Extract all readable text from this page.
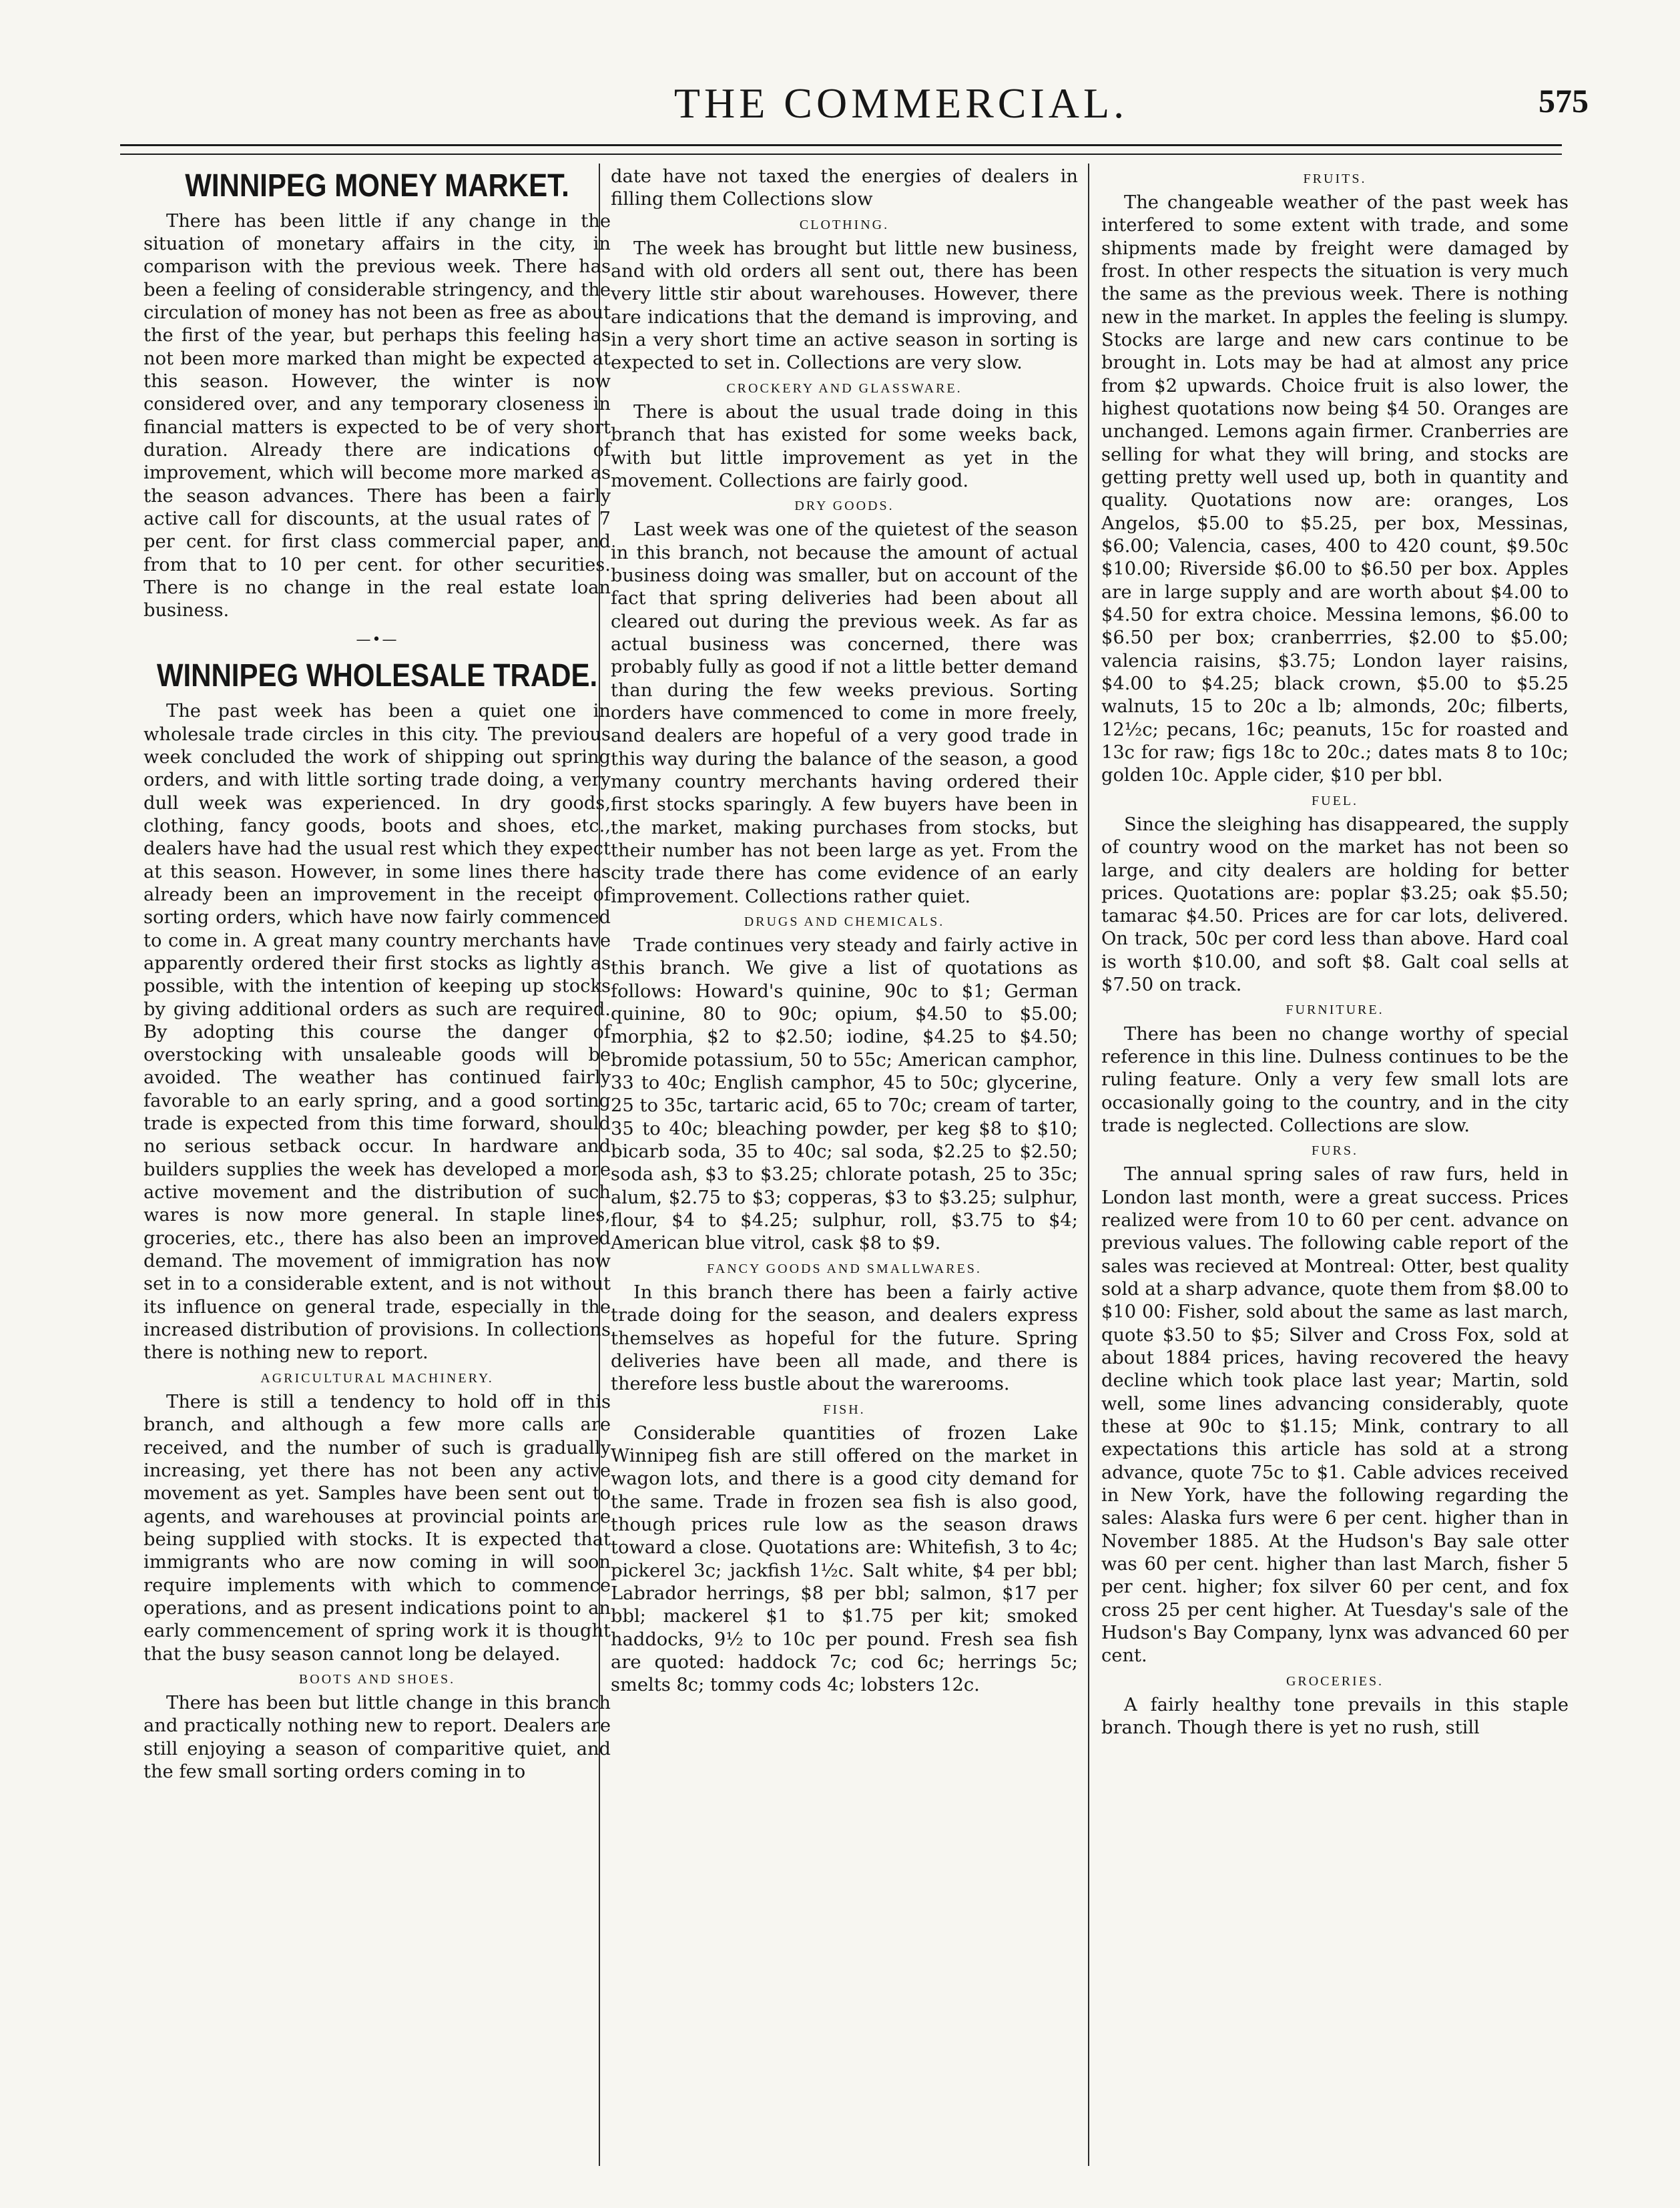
THE COMMERCIAL.	575
WINNIPEG MONEY MARKET.

There has been little if any change in the situation of monetary affairs in the city, in comparison with the previous week. There has been a feeling of considerable stringency, and the circulation of money has not been as free as about the first of the year, but perhaps this feeling has not been more marked than might be expected at this season. However, the winter is now considered over, and any temporary closeness in financial matters is expected to be of very short duration. Already there are indications of improvement, which will become more marked as the season advances. There has been a fairly active call for discounts, at the usual rates of 7 per cent. for first class commercial paper, and from that to 10 per cent. for other securities. There is no change in the real estate loan business.

—•—
WINNIPEG WHOLESALE TRADE.

The past week has been a quiet one in wholesale trade circles in this city. The previous week concluded the work of shipping out spring orders, and with little sorting trade doing, a very dull week was experienced. In dry goods, clothing, fancy goods, boots and shoes, etc., dealers have had the usual rest which they expect at this season. However, in some lines there has already been an improvement in the receipt of sorting orders, which have now fairly commenced to come in. A great many country merchants have apparently ordered their first stocks as lightly as possible, with the intention of keeping up stocks by giving additional orders as such are required. By adopting this course the danger of overstocking with unsaleable goods will be avoided. The weather has continued fairly favorable to an early spring, and a good sorting trade is expected from this time forward, should no serious setback occur. In hardware and builders supplies the week has developed a more active movement and the distribution of such wares is now more general. In staple lines, groceries, etc., there has also been an improved demand. The movement of immigration has now set in to a considerable extent, and is not without its influence on general trade, especially in the increased distribution of provisions. In collections there is nothing new to report.

AGRICULTURAL MACHINERY.

There is still a tendency to hold off in this branch, and although a few more calls are received, and the number of such is gradually increasing, yet there has not been any active movement as yet. Samples have been sent out to agents, and warehouses at provincial points are being supplied with stocks. It is expected that immigrants who are now coming in will soon require implements with which to commence operations, and as present indications point to an early commencement of spring work it is thought that the busy season cannot long be delayed.

BOOTS AND SHOES.

There has been but little change in this branch and practically nothing new to report. Dealers are still enjoying a season of comparitive quiet, and the few small sorting orders coming in to

date have not taxed the energies of dealers in filling them Collections slow

CLOTHING.

The week has brought but little new business, and with old orders all sent out, there has been very little stir about warehouses. However, there are indications that the demand is improving, and in a very short time an active season in sorting is expected to set in. Collections are very slow.

CROCKERY AND GLASSWARE.

There is about the usual trade doing in this branch that has existed for some weeks back, with but little improvement as yet in the movement. Collections are fairly good.

DRY GOODS.

Last week was one of the quietest of the season in this branch, not because the amount of actual business doing was smaller, but on account of the fact that spring deliveries had been about all cleared out during the previous week. As far as actual business was concerned, there was probably fully as good if not a little better demand than during the few weeks previous. Sorting orders have commenced to come in more freely, and dealers are hopeful of a very good trade in this way during the balance of the season, a good many country merchants having ordered their first stocks sparingly. A few buyers have been in the market, making purchases from stocks, but their number has not been large as yet. From the city trade there has come evidence of an early improvement. Collections rather quiet.

DRUGS AND CHEMICALS.

Trade continues very steady and fairly active in this branch. We give a list of quotations as follows: Howard's quinine, 90c to $1; German quinine, 80 to 90c; opium, $4.50 to $5.00; morphia, $2 to $2.50; iodine, $4.25 to $4.50; bromide potassium, 50 to 55c; American camphor, 33 to 40c; English camphor, 45 to 50c; glycerine, 25 to 35c, tartaric acid, 65 to 70c; cream of tarter, 35 to 40c; bleaching powder, per keg $8 to $10; bicarb soda, 35 to 40c; sal soda, $2.25 to $2.50; soda ash, $3 to $3.25; chlorate potash, 25 to 35c; alum, $2.75 to $3; copperas, $3 to $3.25; sulphur, flour, $4 to $4.25; sulphur, roll, $3.75 to $4; American blue vitrol, cask $8 to $9.

FANCY GOODS AND SMALLWARES.

In this branch there has been a fairly active trade doing for the season, and dealers express themselves as hopeful for the future. Spring deliveries have been all made, and there is therefore less bustle about the warerooms.

FISH.

Considerable quantities of frozen Lake Winnipeg fish are still offered on the market in wagon lots, and there is a good city demand for the same. Trade in frozen sea fish is also good, though prices rule low as the season draws toward a close. Quotations are: Whitefish, 3 to 4c; pickerel 3c; jackfish 1½c. Salt white, $4 per bbl; Labrador herrings, $8 per bbl; salmon, $17 per bbl; mackerel $1 to $1.75 per kit; smoked haddocks, 9½ to 10c per pound. Fresh sea fish are quoted: haddock 7c; cod 6c; herrings 5c; smelts 8c; tommy cods 4c; lobsters 12c.

FRUITS.

The changeable weather of the past week has interfered to some extent with trade, and some shipments made by freight were damaged by frost. In other respects the situation is very much the same as the previous week. There is nothing new in the market. In apples the feeling is slumpy. Stocks are large and new cars continue to be brought in. Lots may be had at almost any price from $2 upwards. Choice fruit is also lower, the highest quotations now being $4 50. Oranges are unchanged. Lemons again firmer. Cranberries are selling for what they will bring, and stocks are getting pretty well used up, both in quantity and quality. Quotations now are: oranges, Los Angelos, $5.00 to $5.25, per box, Messinas, $6.00; Valencia, cases, 400 to 420 count, $9.50c $10.00; Riverside $6.00 to $6.50 per box. Apples are in large supply and are worth about $4.00 to $4.50 for extra choice. Messina lemons, $6.00 to $6.50 per box; cranberrries, $2.00 to $5.00; valencia raisins, $3.75; London layer raisins, $4.00 to $4.25; black crown, $5.00 to $5.25 walnuts, 15 to 20c a lb; almonds, 20c; filberts, 12½c; pecans, 16c; peanuts, 15c for roasted and 13c for raw; figs 18c to 20c.; dates mats 8 to 10c; golden 10c. Apple cider, $10 per bbl.

FUEL.

Since the sleighing has disappeared, the supply of country wood on the market has not been so large, and city dealers are holding for better prices. Quotations are: poplar $3.25; oak $5.50; tamarac $4.50. Prices are for car lots, delivered. On track, 50c per cord less than above. Hard coal is worth $10.00, and soft $8. Galt coal sells at $7.50 on track.

FURNITURE.

There has been no change worthy of special reference in this line. Dulness continues to be the ruling feature. Only a very few small lots are occasionally going to the country, and in the city trade is neglected. Collections are slow.

FURS.

The annual spring sales of raw furs, held in London last month, were a great success. Prices realized were from 10 to 60 per cent. advance on previous values. The following cable report of the sales was recieved at Montreal: Otter, best quality sold at a sharp advance, quote them from $8.00 to $10 00: Fisher, sold about the same as last march, quote $3.50 to $5; Silver and Cross Fox, sold at about 1884 prices, having recovered the heavy decline which took place last year; Martin, sold well, some lines advancing considerably, quote these at 90c to $1.15; Mink, contrary to all expectations this article has sold at a strong advance, quote 75c to $1. Cable advices received in New York, have the following regarding the sales: Alaska furs were 6 per cent. higher than in November 1885. At the Hudson's Bay sale otter was 60 per cent. higher than last March, fisher 5 per cent. higher; fox silver 60 per cent, and fox cross 25 per cent higher. At Tuesday's sale of the Hudson's Bay Company, lynx was advanced 60 per cent.

GROCERIES.

A fairly healthy tone prevails in this staple branch. Though there is yet no rush, still
